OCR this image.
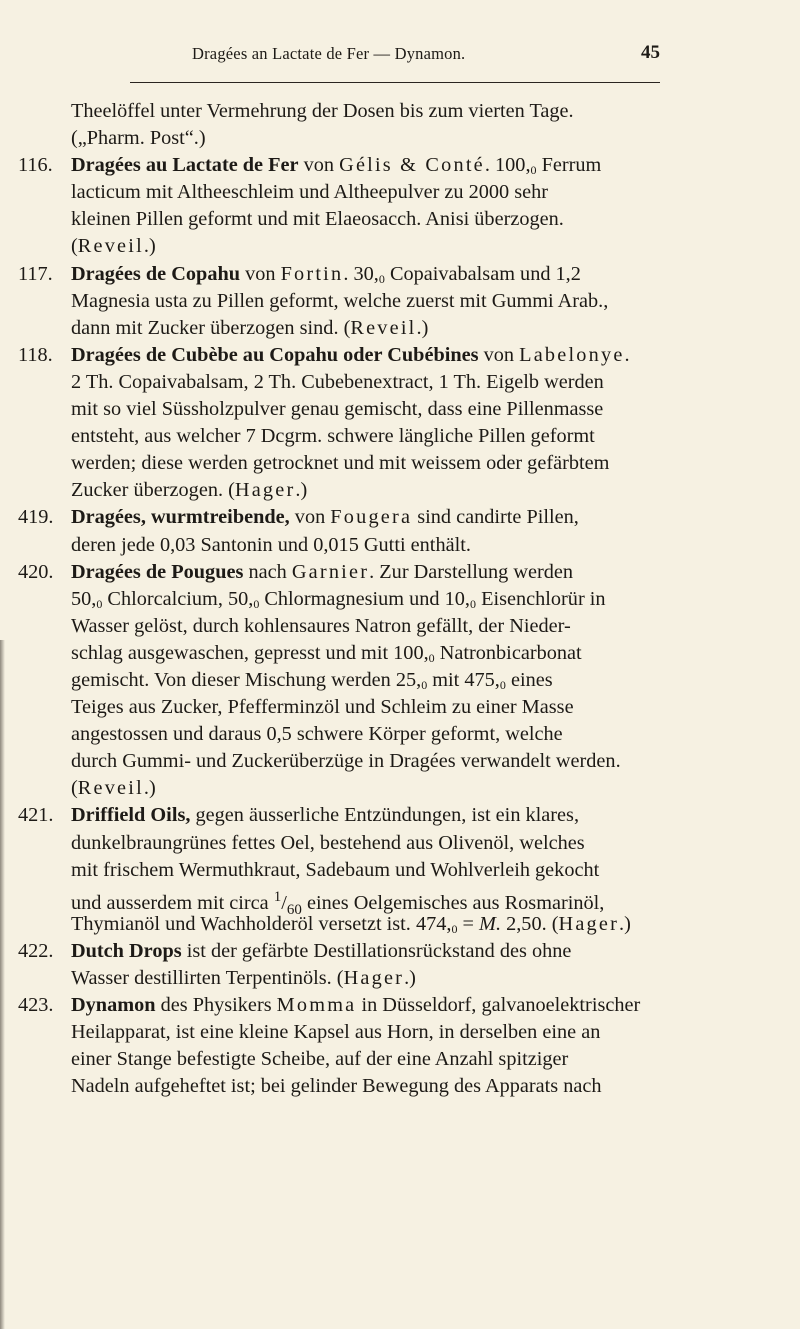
Dragées an Lactate de Fer — Dynamon.	45
Theelöffel unter Vermehrung der Dosen bis zum vierten Tage.
(„Pharm. Post“.)
116. Dragées au Lactate de Fer von Gélis & Conté. 100,0 Ferrum
lacticum mit Altheeschleim und Altheepulver zu 2000 sehr
kleinen Pillen geformt und mit Elaeosacch. Anisi überzogen.
(Reveil.)
117. Dragées de Copahu von Fortin. 30,0 Copaivabalsam und 1,2
Magnesia usta zu Pillen geformt, welche zuerst mit Gummi Arab.,
dann mit Zucker überzogen sind. (Reveil.)
118. Dragées de Cubèbe au Copahu oder Cubébines von Labelonye.
2 Th. Copaivabalsam, 2 Th. Cubebenextract, 1 Th. Eigelb werden
mit so viel Süssholzpulver genau gemischt, dass eine Pillenmasse
entsteht, aus welcher 7 Dcgrm. schwere längliche Pillen geformt
werden; diese werden getrocknet und mit weissem oder gefärbtem
Zucker überzogen. (Hager.)
419. Dragées, wurmtreibende, von Fougera sind candirte Pillen,
deren jede 0,03 Santonin und 0,015 Gutti enthält.
420. Dragées de Pougues nach Garnier. Zur Darstellung werden
50,0 Chlorcalcium, 50,0 Chlormagnesium und 10,0 Eisenchlorür in
Wasser gelöst, durch kohlensaures Natron gefällt, der Nieder-
schlag ausgewaschen, gepresst und mit 100,0 Natronbicarbonat
gemischt. Von dieser Mischung werden 25,0 mit 475,0 eines
Teiges aus Zucker, Pfefferminzöl und Schleim zu einer Masse
angestossen und daraus 0,5 schwere Körper geformt, welche
durch Gummi- und Zuckerüberzüge in Dragées verwandelt werden.
(Reveil.)
421. Driffield Oils, gegen äusserliche Entzündungen, ist ein klares,
dunkelbraungrünes fettes Oel, bestehend aus Olivenöl, welches
mit frischem Wermuthkraut, Sadebaum und Wohlverleih gekocht
und ausserdem mit circa $^1/_{60}$ eines Oelgemisches aus Rosmarinöl,
Thymianöl und Wachholderöl versetzt ist. 474,0 = M. 2,50. (Hager.)
422. Dutch Drops ist der gefärbte Destillationsrückstand des ohne
Wasser destillirten Terpentinöls. (Hager.)
423. Dynamon des Physikers Momma in Düsseldorf, galvanoelektrischer
Heilapparat, ist eine kleine Kapsel aus Horn, in derselben eine an
einer Stange befestigte Scheibe, auf der eine Anzahl spitziger
Nadeln aufgeheftet ist; bei gelinder Bewegung des Apparats nach
